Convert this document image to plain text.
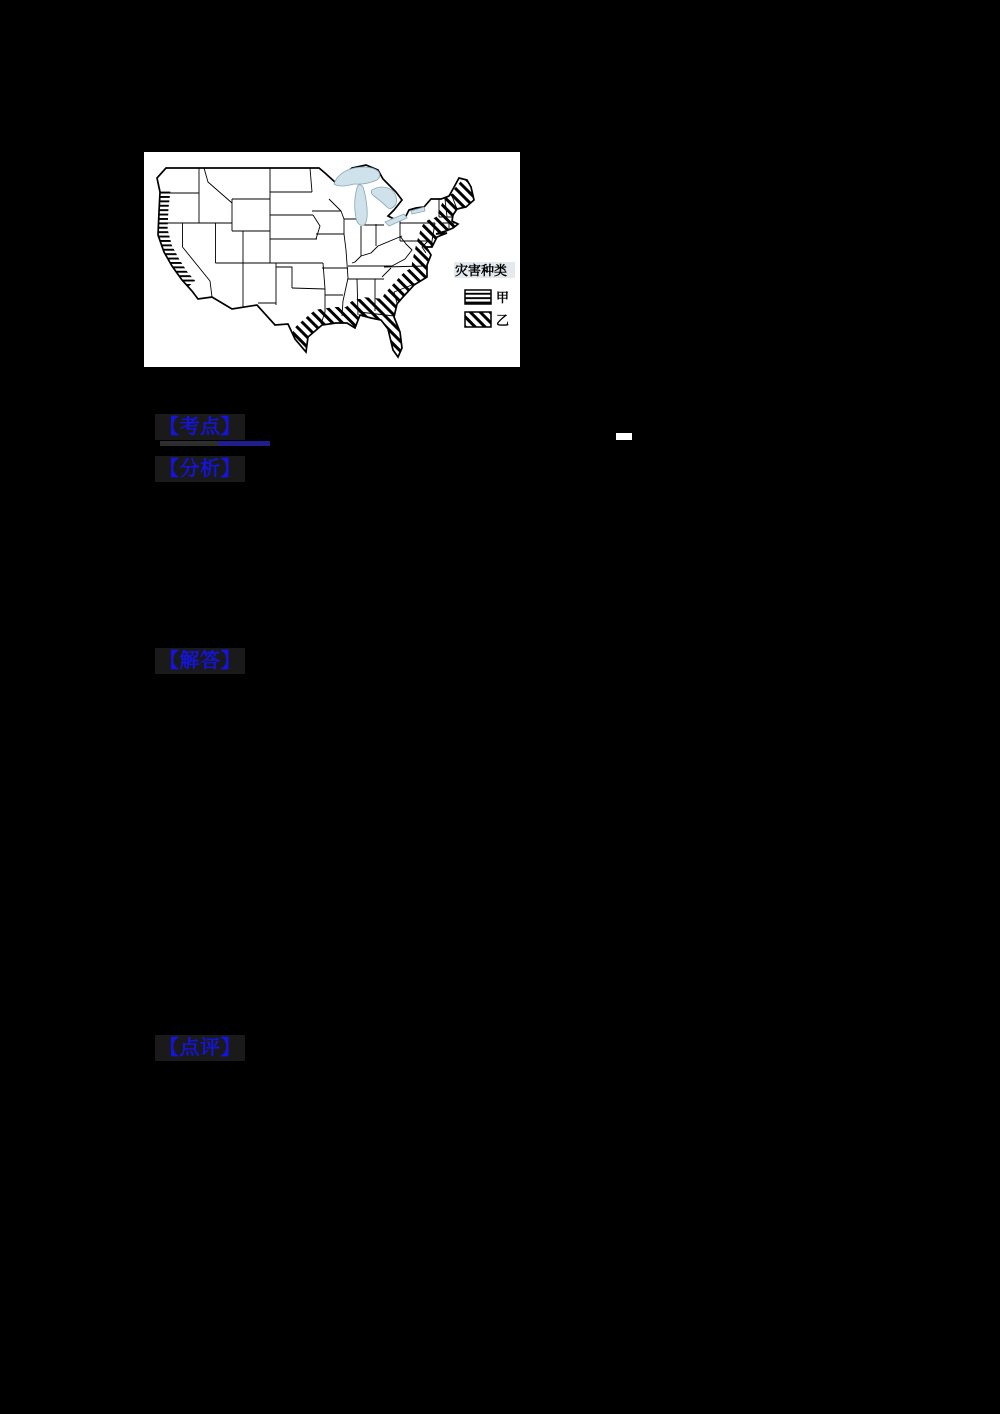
灾害种类
甲
乙
【考点】
【分析】
【解答】
【点评】
